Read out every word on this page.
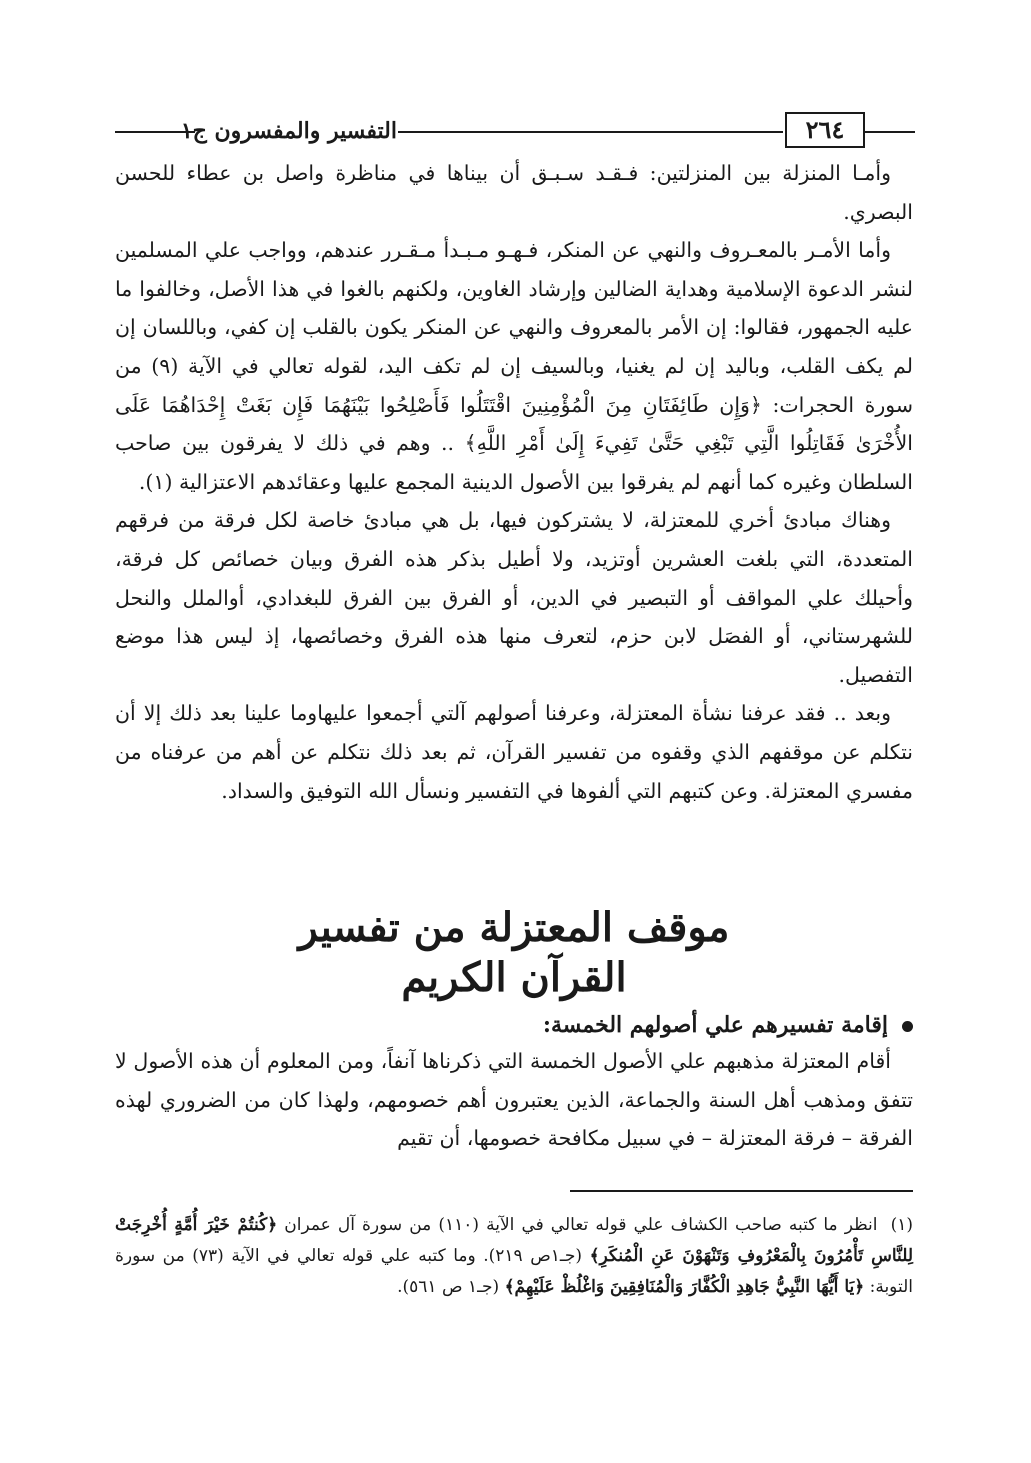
التفسير والمفسرون ج١	٢٦٤

وأمـا المنزلة بين المنزلتين: فـقـد سـبـق أن بيناها في مناظرة واصل بن عطاء للحسن البصري.

وأما الأمـر بالمعـروف والنهي عن المنكر، فـهـو مـبـدأ مـقـرر عندهم، وواجب علي المسلمين لنشر الدعوة الإسلامية وهداية الضالين وإرشاد الغاوين، ولكنهم بالغوا في هذا الأصل، وخالفوا ما عليه الجمهور، فقالوا: إن الأمر بالمعروف والنهي عن المنكر يكون بالقلب إن كفي، وباللسان إن لم يكف القلب، وباليد إن لم يغنيا، وبالسيف إن لم تكف اليد، لقوله تعالي في الآية (٩) من سورة الحجرات: ﴿وَإِن طَائِفَتَانِ مِنَ الْمُؤْمِنِينَ اقْتَتَلُوا فَأَصْلِحُوا بَيْنَهُمَا فَإِن بَغَتْ إِحْدَاهُمَا عَلَى الأُخْرَىٰ فَقَاتِلُوا الَّتِي تَبْغِي حَتَّىٰ تَفِيءَ إِلَىٰ أَمْرِ اللَّهِ﴾ .. وهم في ذلك لا يفرقون بين صاحب السلطان وغيره كما أنهم لم يفرقوا بين الأصول الدينية المجمع عليها وعقائدهم الاعتزالية (١).

وهناك مبادئ أخري للمعتزلة، لا يشتركون فيها، بل هي مبادئ خاصة لكل فرقة من فرقهم المتعددة، التي بلغت العشرين أوتزيد، ولا أطيل بذكر هذه الفرق وبيان خصائص كل فرقة، وأحيلك علي المواقف أو التبصير في الدين، أو الفرق بين الفرق للبغدادي، أوالملل والنحل للشهرستاني، أو الفصَل لابن حزم، لتعرف منها هذه الفرق وخصائصها، إذ ليس هذا موضع التفصيل.

وبعد .. فقد عرفنا نشأة المعتزلة، وعرفنا أصولهم آلتي أجمعوا عليهاوما علينا بعد ذلك إلا أن نتكلم عن موقفهم الذي وقفوه من تفسير القرآن، ثم بعد ذلك نتكلم عن أهم من عرفناه من مفسري المعتزلة. وعن كتبهم التي ألفوها في التفسير ونسأل الله التوفيق والسداد.

موقف المعتزلة من تفسير
القرآن الكريم
إقامة تفسيرهم علي أصولهم الخمسة:

أقام المعتزلة مذهبهم علي الأصول الخمسة التي ذكرناها آنفاً، ومن المعلوم أن هذه الأصول لا تتفق ومذهب أهل السنة والجماعة، الذين يعتبرون أهم خصومهم، ولهذا كان من الضروري لهذه الفرقة – فرقة المعتزلة – في سبيل مكافحة خصومها، أن تقيم

(١) انظر ما كتبه صاحب الكشاف علي قوله تعالي في الآية (١١٠) من سورة آل عمران ﴿كُنتُمْ خَيْرَ أُمَّةٍ أُخْرِجَتْ لِلنَّاسِ تَأْمُرُونَ بِالْمَعْرُوفِ وَتَنْهَوْنَ عَنِ الْمُنكَرِ﴾ (جـ١ص ٢١٩). وما كتبه علي قوله تعالي في الآية (٧٣) من سورة التوبة: ﴿يَا أَيُّهَا النَّبِيُّ جَاهِدِ الْكُفَّارَ وَالْمُنَافِقِينَ وَاغْلُظْ عَلَيْهِمْ﴾ (جـ١ ص ٥٦١).
